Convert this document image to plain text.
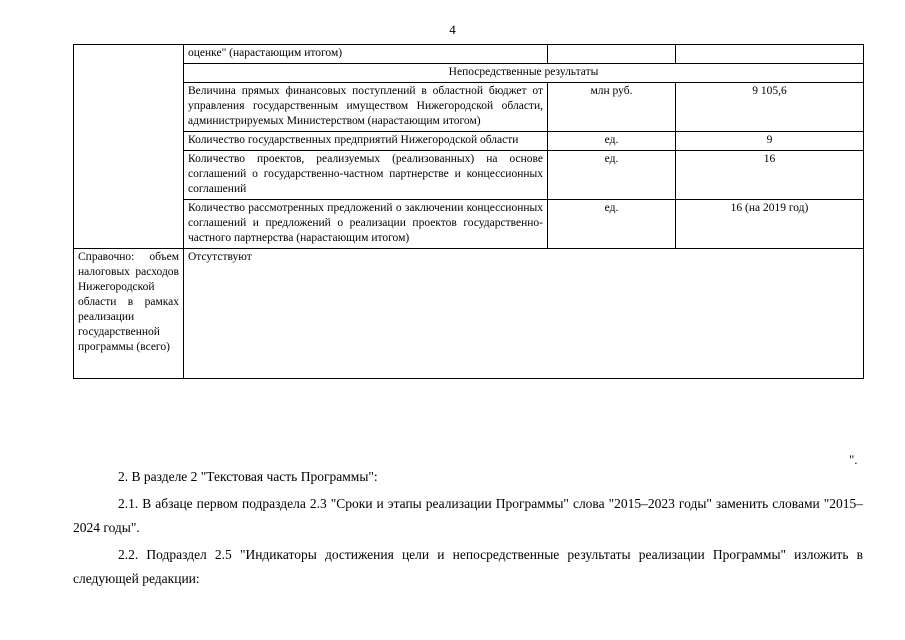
4
	оценке" (нарастающим итогом)		
	Непосредственные результаты		
	Величина прямых финансовых поступлений в областной бюджет от управления государственным имуществом Нижегородской области, администрируемых Министерством (нарастающим итогом)	млн руб.	9 105,6
	Количество государственных предприятий Нижегородской области	ед.	9
	Количество проектов, реализуемых (реализованных) на основе соглашений о государственно-частном партнерстве и концессионных соглашений	ед.	16
	Количество рассмотренных предложений о заключении концессионных соглашений и предложений о реализации проектов государственно-частного партнерства (нарастающим итогом)	ед.	16 (на 2019 год)
Справочно: объем налоговых расходов Нижегородской области в рамках реализации государственной программы (всего)	Отсутствуют		
".
2. В разделе 2 "Текстовая часть Программы":
2.1. В абзаце первом подраздела 2.3 "Сроки и этапы реализации Программы" слова "2015–2023 годы" заменить словами "2015–2024 годы".
2.2. Подраздел 2.5 "Индикаторы достижения цели и непосредственные результаты реализации Программы" изложить в следующей редакции:
